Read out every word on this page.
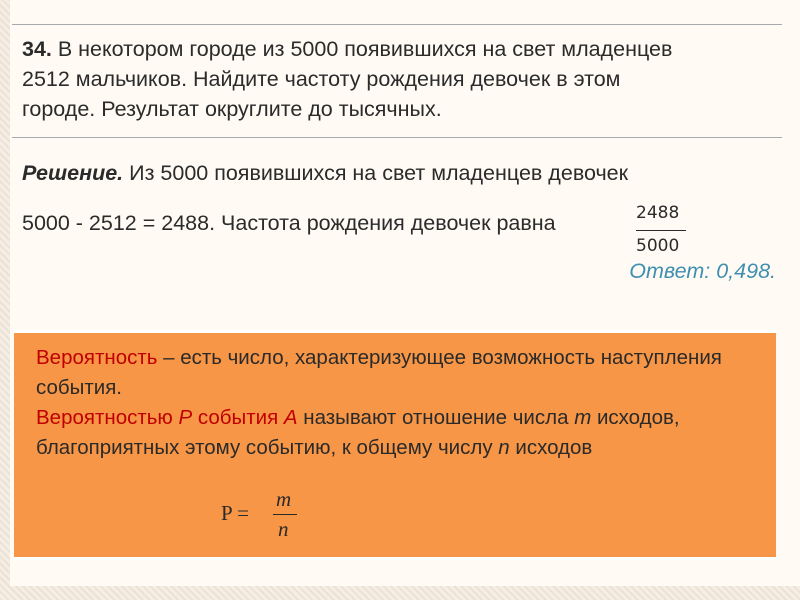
34. В некотором городе из 5000 появившихся на свет младенцев
2512 мальчиков. Найдите частоту рождения девочек в этом
городе. Результат округлите до тысячных.
Решение. Из 5000 появившихся на свет младенцев девочек
5000 - 2512 = 2488. Частота рождения девочек равна	2488
5000
Ответ: 0,498.
Вероятность – есть число, характеризующее возможность наступления события.
Вероятностью Р события А называют отношение числа m исходов, благоприятных этому событию, к общему числу n исходов
P =
m
n
